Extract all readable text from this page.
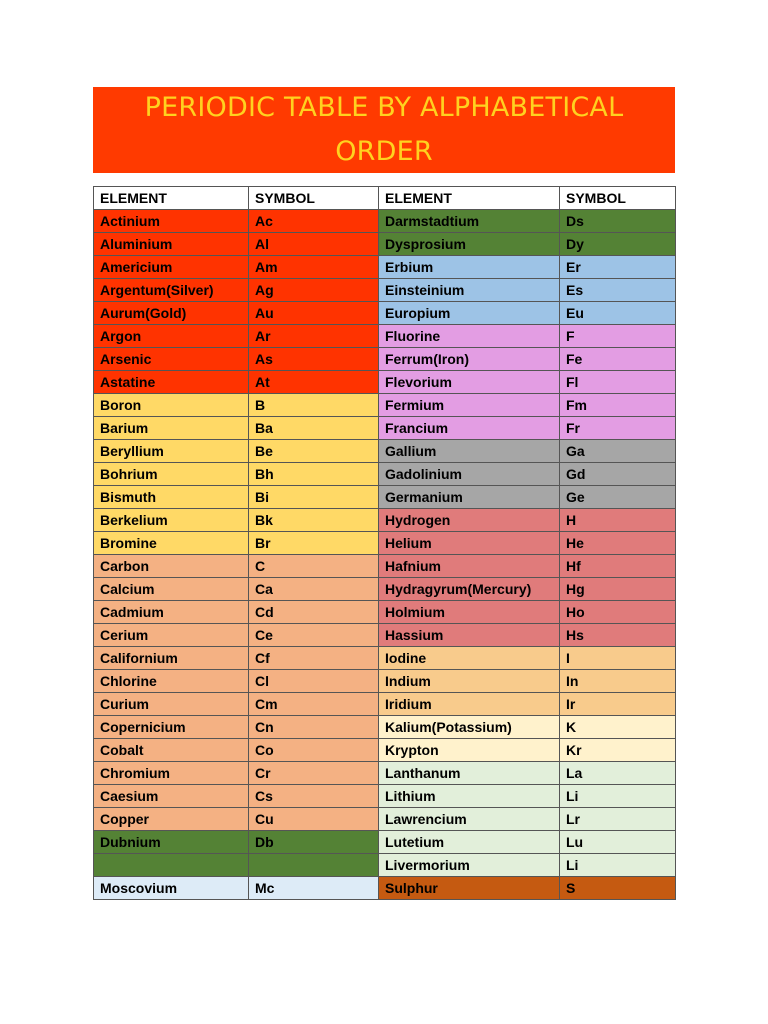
PERIODIC TABLE BY ALPHABETICAL ORDER
ELEMENT	SYMBOL	ELEMENT	SYMBOL
Actinium	Ac	Darmstadtium	Ds
Aluminium	Al	Dysprosium	Dy
Americium	Am	Erbium	Er
Argentum(Silver)	Ag	Einsteinium	Es
Aurum(Gold)	Au	Europium	Eu
Argon	Ar	Fluorine	F
Arsenic	As	Ferrum(Iron)	Fe
Astatine	At	Flevorium	Fl
Boron	B	Fermium	Fm
Barium	Ba	Francium	Fr
Beryllium	Be	Gallium	Ga
Bohrium	Bh	Gadolinium	Gd
Bismuth	Bi	Germanium	Ge
Berkelium	Bk	Hydrogen	H
Bromine	Br	Helium	He
Carbon	C	Hafnium	Hf
Calcium	Ca	Hydragyrum(Mercury)	Hg
Cadmium	Cd	Holmium	Ho
Cerium	Ce	Hassium	Hs
Californium	Cf	Iodine	I
Chlorine	Cl	Indium	In
Curium	Cm	Iridium	Ir
Copernicium	Cn	Kalium(Potassium)	K
Cobalt	Co	Krypton	Kr
Chromium	Cr	Lanthanum	La
Caesium	Cs	Lithium	Li
Copper	Cu	Lawrencium	Lr
Dubnium	Db	Lutetium	Lu
		Livermorium	Li
Moscovium	Mc	Sulphur	S
